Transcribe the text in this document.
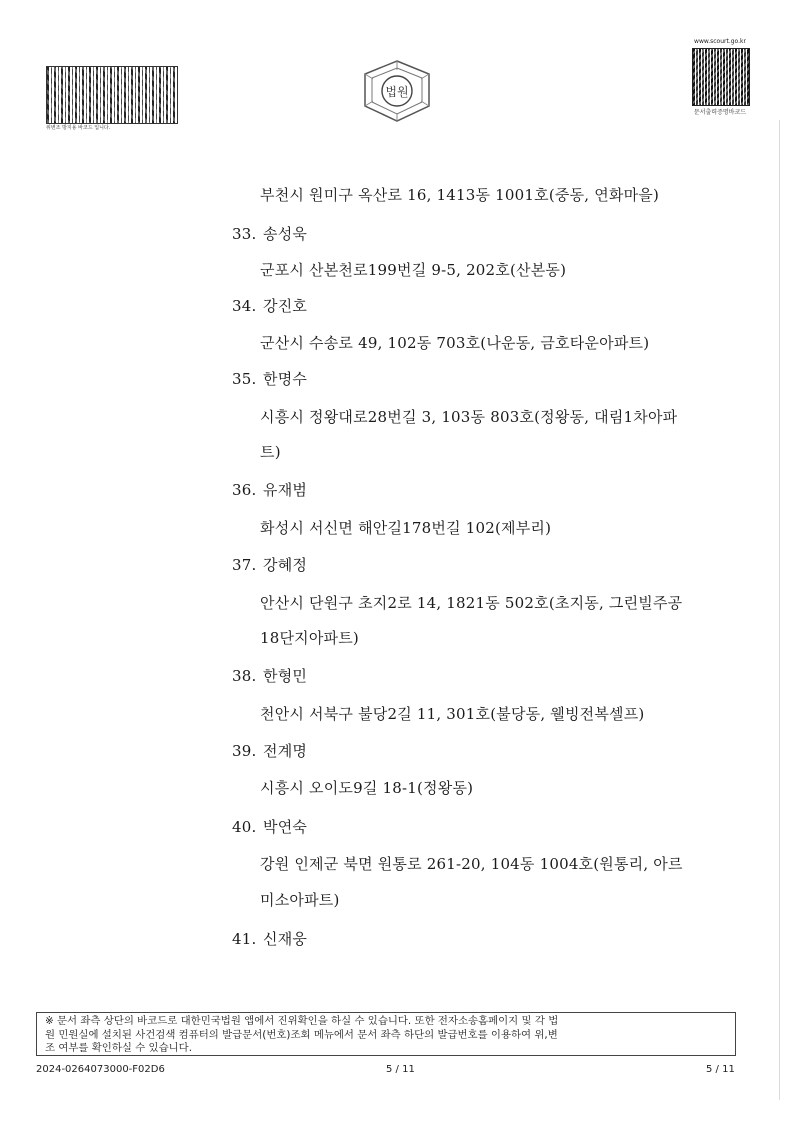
위변조 방지용 바코드 입니다.
법원
www.scourt.go.kr
문서출력증명바코드
부천시 원미구 옥산로 16, 1413동 1001호(중동, 연화마을)
33. 송성욱
군포시 산본천로199번길 9-5, 202호(산본동)
34. 강진호
군산시 수송로 49, 102동 703호(나운동, 금호타운아파트)
35. 한명수
시흥시 정왕대로28번길 3, 103동 803호(정왕동, 대림1차아파
트)
36. 유재범
화성시 서신면 해안길178번길 102(제부리)
37. 강혜정
안산시 단원구 초지2로 14, 1821동 502호(초지동, 그린빌주공
18단지아파트)
38. 한형민
천안시 서북구 불당2길 11, 301호(불당동, 웰빙전복셀프)
39. 전계명
시흥시 오이도9길 18-1(정왕동)
40. 박연숙
강원 인제군 북면 원통로 261-20, 104동 1004호(원통리, 아르
미소아파트)
41. 신재웅
※ 문서 좌측 상단의 바코드로 대한민국법원 앱에서 진위확인을 하실 수 있습니다. 또한 전자소송홈페이지 및 각 법
원 민원실에 설치된 사건검색 컴퓨터의 발급문서(번호)조회 메뉴에서 문서 좌측 하단의 발급번호를 이용하여 위,변
조 여부를 확인하실 수 있습니다.
2024-0264073000-F02D6	5 / 11	5 / 11
